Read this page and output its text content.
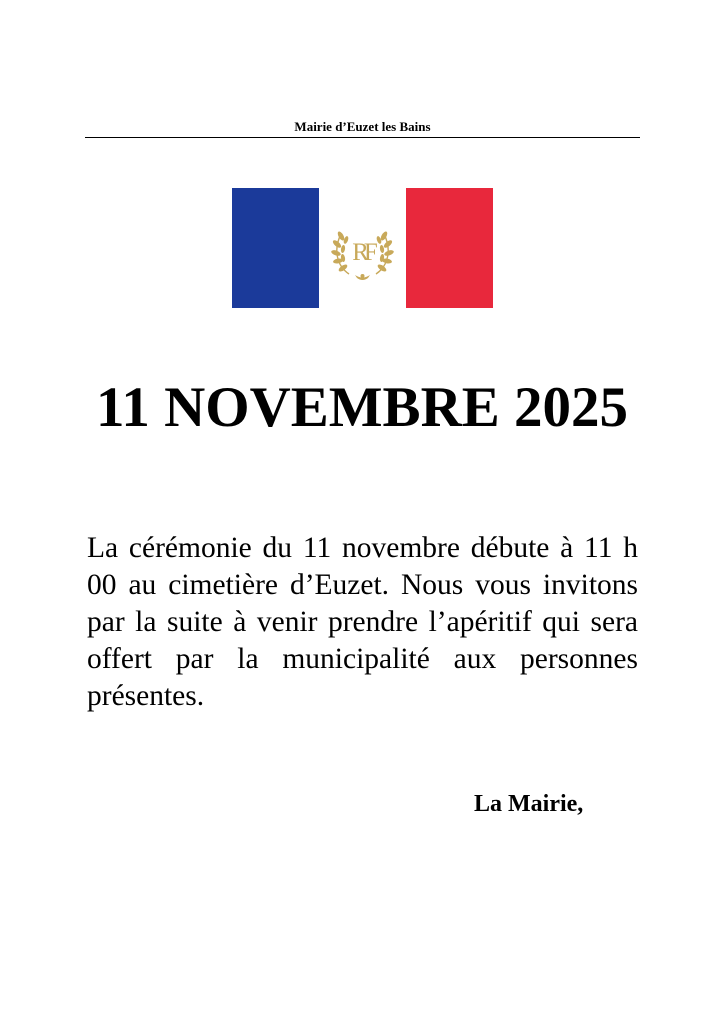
Mairie d’Euzet les Bains
RF
11 NOVEMBRE 2025
La cérémonie du 11 novembre débute à 11 h 00 au cimetière d’Euzet. Nous vous invitons par la suite à venir prendre l’apéritif qui sera offert par la municipalité aux personnes présentes.
La Mairie,
